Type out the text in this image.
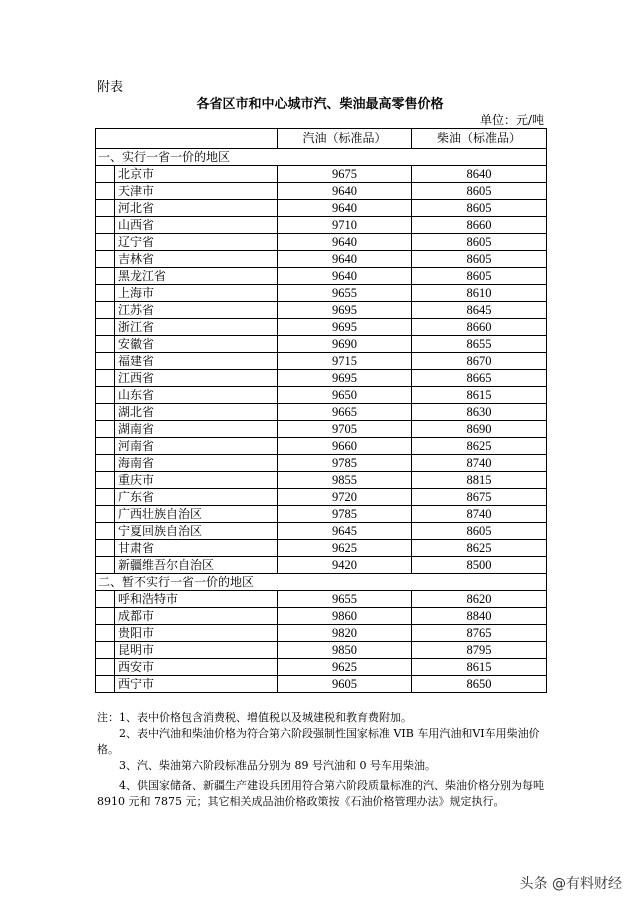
附表
各省区市和中心城市汽、柴油最高零售价格
单位：元/吨
		汽油（标准品）	柴油（标准品）
一、实行一省一价的地区			
	北京市	9675	8640
	天津市	9640	8605
	河北省	9640	8605
	山西省	9710	8660
	辽宁省	9640	8605
	吉林省	9640	8605
	黑龙江省	9640	8605
	上海市	9655	8610
	江苏省	9695	8645
	浙江省	9695	8660
	安徽省	9690	8655
	福建省	9715	8670
	江西省	9695	8665
	山东省	9650	8615
	湖北省	9665	8630
	湖南省	9705	8690
	河南省	9660	8625
	海南省	9785	8740
	重庆市	9855	8815
	广东省	9720	8675
	广西壮族自治区	9785	8740
	宁夏回族自治区	9645	8605
	甘肃省	9625	8625
	新疆维吾尔自治区	9420	8500
二、暂不实行一省一价的地区			
	呼和浩特市	9655	8620
	成都市	9860	8840
	贵阳市	9820	8765
	昆明市	9850	8795
	西安市	9625	8615
	西宁市	9605	8650
注：1、表中价格包含消费税、增值税以及城建税和教育费附加。
2、表中汽油和柴油价格为符合第六阶段强制性国家标准 VIB 车用汽油和VI车用柴油价格。
3、汽、柴油第六阶段标准品分别为 89 号汽油和 0 号车用柴油。
4、供国家储备、新疆生产建设兵团用符合第六阶段质量标准的汽、柴油价格分别为每吨 8910 元和 7875 元；其它相关成品油价格政策按《石油价格管理办法》规定执行。
头条 @有料财经
